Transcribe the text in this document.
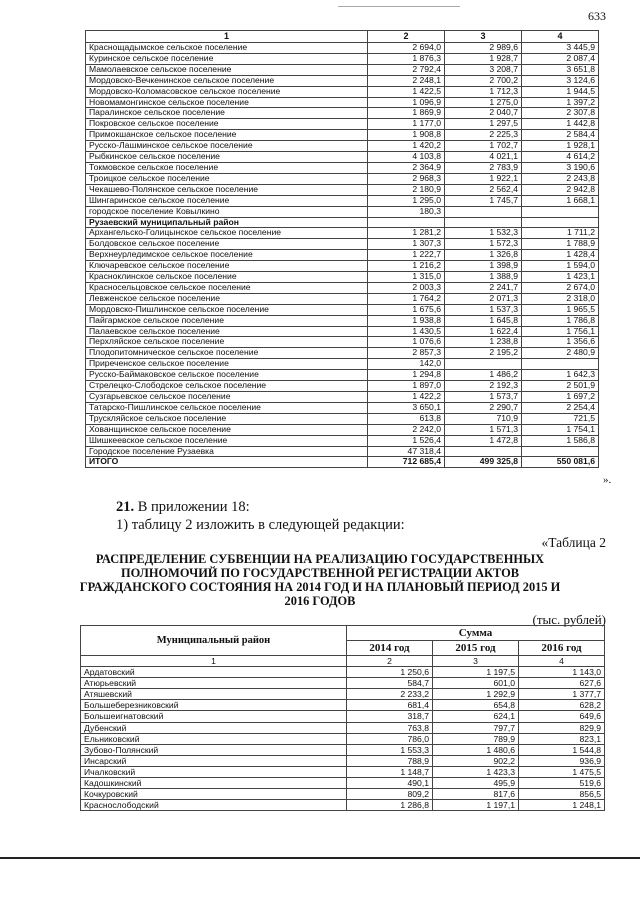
633
1	2	3	4
Краснощадымское сельское поселение	2 694,0	2 989,6	3 445,9
Куринское сельское поселение	1 876,3	1 928,7	2 087,4
Мамолаевское сельское поселение	2 792,4	3 208,7	3 651,8
Мордовско-Вечкенинское сельское поселение	2 248,1	2 700,2	3 124,6
Мордовско-Коломасовское сельское поселение	1 422,5	1 712,3	1 944,5
Новомамонгинское сельское поселение	1 096,9	1 275,0	1 397,2
Паралинское сельское поселение	1 869,9	2 040,7	2 307,8
Покровское сельское поселение	1 177,0	1 297,5	1 442,8
Примокшанское сельское поселение	1 908,8	2 225,3	2 584,4
Русско-Лашминское сельское поселение	1 420,2	1 702,7	1 928,1
Рыбкинское сельское поселение	4 103,8	4 021,1	4 614,2
Токмовское сельское поселение	2 364,9	2 783,9	3 190,6
Троицкое сельское поселение	2 968,3	1 922,1	2 243,8
Чекашево-Полянское сельское поселение	2 180,9	2 562,4	2 942,8
Шингаринское сельское поселение	1 295,0	1 745,7	1 668,1
городское поселение Ковылкино	180,3		
Рузаевский муниципальный район			
Архангельско-Голицынское сельское поселение	1 281,2	1 532,3	1 711,2
Болдовское сельское поселение	1 307,3	1 572,3	1 788,9
Верхнеурледимское сельское поселение	1 222,7	1 326,8	1 428,4
Ключаревское сельское поселение	1 216,2	1 398,9	1 594,0
Красноклинское сельское поселение	1 315,0	1 388,9	1 423,1
Красносельцовское сельское поселение	2 003,3	2 241,7	2 674,0
Левженское сельское поселение	1 764,2	2 071,3	2 318,0
Мордовско-Пишлинское сельское поселение	1 675,6	1 537,3	1 965,5
Пайгармское сельское поселение	1 938,8	1 645,8	1 786,8
Палаевское сельское поселение	1 430,5	1 622,4	1 756,1
Перхляйское сельское поселение	1 076,6	1 238,8	1 356,6
Плодопитомническое сельское поселение	2 857,3	2 195,2	2 480,9
Приреченское сельское поселение	142,0		
Русско-Баймаковское сельское поселение	1 294,8	1 486,2	1 642,3
Стрелецко-Слободское сельское поселение	1 897,0	2 192,3	2 501,9
Сузгарьевское сельское поселение	1 422,2	1 573,7	1 697,2
Татарско-Пишлинское сельское поселение	3 650,1	2 290,7	2 254,4
Трускляйское сельское поселение	613,8	710,9	721,5
Хованщинское сельское поселение	2 242,0	1 571,3	1 754,1
Шишкеевское сельское поселение	1 526,4	1 472,8	1 586,8
Городское поселение Рузаевка	47 318,4		
ИТОГО	712 685,4	499 325,8	550 081,6
».
21. В приложении 18:
1) таблицу 2 изложить в следующей редакции:
«Таблица 2
РАСПРЕДЕЛЕНИЕ СУБВЕНЦИИ НА РЕАЛИЗАЦИЮ ГОСУДАРСТВЕННЫХ ПОЛНОМОЧИЙ ПО ГОСУДАРСТВЕННОЙ РЕГИСТРАЦИИ АКТОВ ГРАЖДАНСКОГО СОСТОЯНИЯ НА 2014 ГОД И НА ПЛАНОВЫЙ ПЕРИОД 2015 И 2016 ГОДОВ
(тыс. рублей)
Муниципальный район	Сумма		
	2014 год	2015 год	2016 год
1	2	3	4
Ардатовский	1 250,6	1 197,5	1 143,0
Атюрьевский	584,7	601,0	627,6
Атяшевский	2 233,2	1 292,9	1 377,7
Большеберезниковский	681,4	654,8	628,2
Большеигнатовский	318,7	624,1	649,6
Дубенский	763,8	797,7	829,9
Ельниковский	786,0	789,9	823,1
Зубово-Полянский	1 553,3	1 480,6	1 544,8
Инсарский	788,9	902,2	936,9
Ичалковский	1 148,7	1 423,3	1 475,5
Кадошкинский	490,1	495,9	519,6
Кочкуровский	809,2	817,6	856,5
Краснослободский	1 286,8	1 197,1	1 248,1
